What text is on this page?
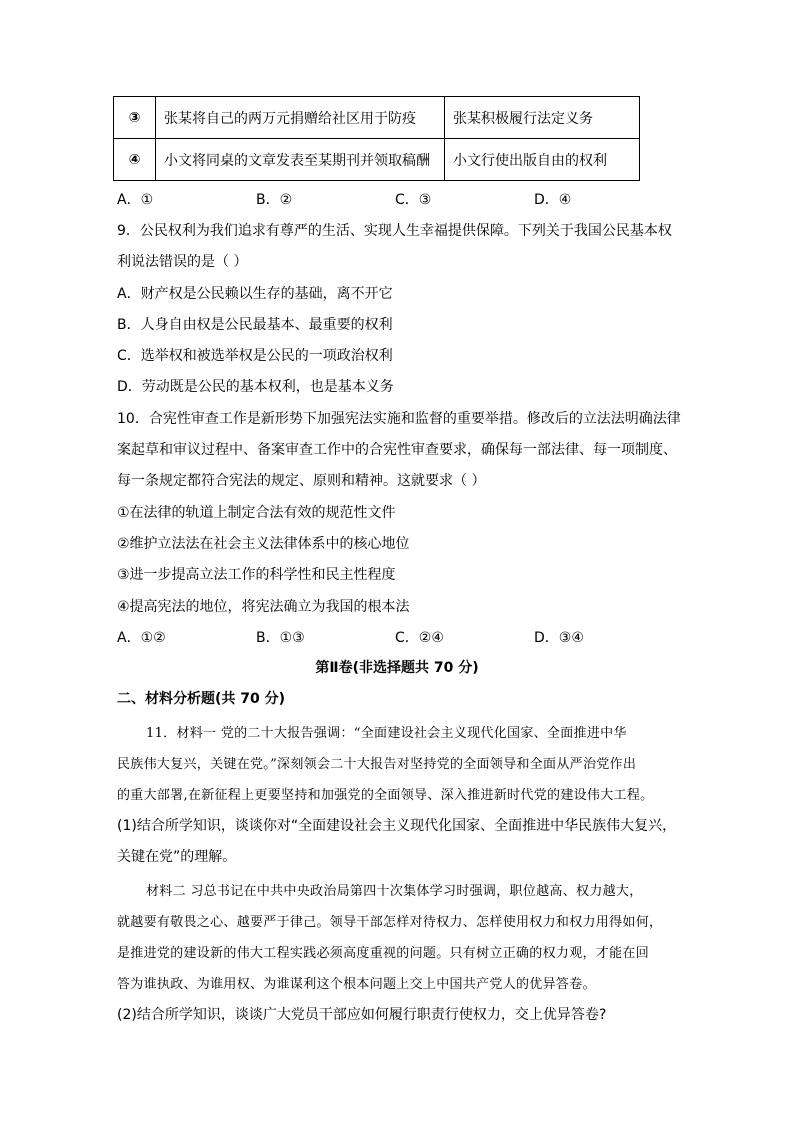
③	张某将自己的两万元捐赠给社区用于防疫	张某积极履行法定义务
④	小文将同桌的文章发表至某期刊并领取稿酬	小文行使出版自由的权利
A．①	B．②	C．③	D．④
9．公民权利为我们追求有尊严的生活、实现人生幸福提供保障。下列关于我国公民基本权
利说法错误的是（ ）
A．财产权是公民赖以生存的基础，离不开它
B．人身自由权是公民最基本、最重要的权利
C．选举权和被选举权是公民的一项政治权利
D．劳动既是公民的基本权利，也是基本义务
10．合宪性审查工作是新形势下加强宪法实施和监督的重要举措。修改后的立法法明确法律
案起草和审议过程中、备案审查工作中的合宪性审查要求，确保每一部法律、每一项制度、
每一条规定都符合宪法的规定、原则和精神。这就要求（ ）
①在法律的轨道上制定合法有效的规范性文件
②维护立法法在社会主义法律体系中的核心地位
③进一步提高立法工作的科学性和民主性程度
④提高宪法的地位，将宪法确立为我国的根本法
A．①②	B．①③	C．②④	D．③④
第Ⅱ卷(非选择题共 70 分)
二、材料分析题(共 70 分)
11．材料一 党的二十大报告强调：“全面建设社会主义现代化国家、全面推进中华
民族伟大复兴，关键在党。”深刻领会二十大报告对坚持党的全面领导和全面从严治党作出
的重大部署,在新征程上更要坚持和加强党的全面领导、深入推进新时代党的建设伟大工程。
(1)结合所学知识，谈谈你对“全面建设社会主义现代化国家、全面推进中华民族伟大复兴，
关键在党”的理解。
材料二 习总书记在中共中央政治局第四十次集体学习时强调，职位越高、权力越大，
就越要有敬畏之心、越要严于律己。领导干部怎样对待权力、怎样使用权力和权力用得如何，
是推进党的建设新的伟大工程实践必须高度重视的问题。只有树立正确的权力观，才能在回
答为谁执政、为谁用权、为谁谋利这个根本问题上交上中国共产党人的优异答卷。
(2)结合所学知识，谈谈广大党员干部应如何履行职责行使权力，交上优异答卷?
